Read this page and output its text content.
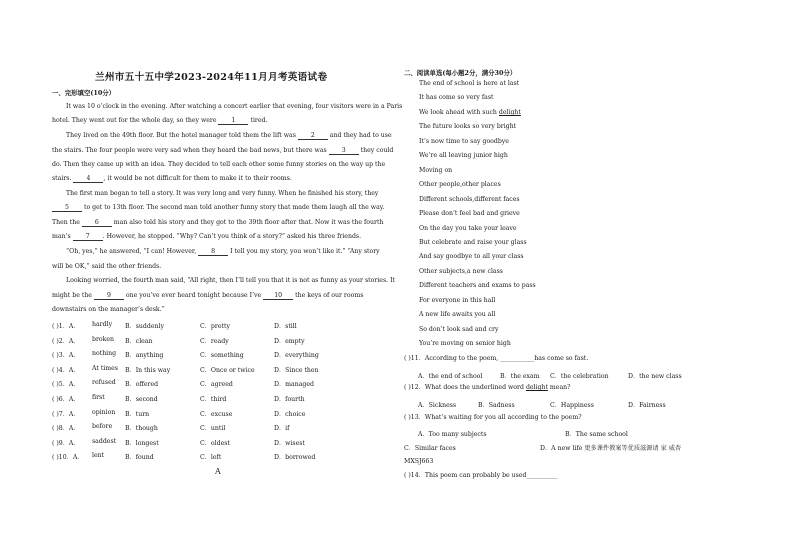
兰州市五十五中学2023-2024年11月月考英语试卷
一、完形填空(10分）
It was 10 o’clock in the evening. After watching a concert earlier that evening, four visitors were in a Paris
hotel. They went out for the whole day, so they were 1 tired.
They lived on the 49th floor. But the hotel manager told them the lift was 2 and they had to use
the stairs. The four people were very sad when they heard the bad news, but there was 3 they could
do. Then they came up with an idea. They decided to tell each other some funny stories on the way up the
stairs. 4 , it would be not difficult for them to make it to their rooms.
The first man began to tell a story. It was very long and very funny. When he finished his story, they
5 to get to 13th floor. The second man told another funny story that made them laugh all the way.
Then the 6 man also told his story and they got to the 39th floor after that. Now it was the fourth
man’s 7 . However, he stopped. “Why? Can’t you think of a story?” asked his three friends.
“Oh, yes,” he answered, “I can! However, 8 I tell you my story, you won’t like it.” “Any story
will be OK,” said the other friends.
Looking worried, the fourth man said, “All right, then I’ll tell you that it is not as funny as your stories. It
might be the 9 one you’ve ever heard tonight because I’ve 10 the keys of our rooms
downstairs on the manager’s desk.”
( )1．A． hardly B．suddenly	C．pretty	D．still
( )2．A． broken B．clean	C．ready	D．empty
( )3．A． nothing B．anything	C．something	D．everything
( )4．A． At times B．In this way	C．Once or twice	D．Since then
( )5．A． refused B．offered	C．agreed	D．managed
( )6．A． first	B．second	C．third	D．fourth
( )7．A． opinion B．turn	C．excuse	D．choice
( )8．A． before B．though	C．until	D．if
( )9．A． saddest B．longest	C．oldest	D．wisest
( )10．A． lent	B．found	C．left	D．borrowed
A
二、阅读单选(每小题2分，满分30分）
The end of school is here at last
It has come so very fast
We look ahead with such delight
The future looks so very bright
It’s now time to say goodbye
We’re all leaving junior high
Moving on
Other people,other places
Different schools,different faces
Please don’t feel bad and grieve
On the day you take your leave
But celebrate and raise your glass
And say goodbye to all your class
Other subjects,a new class
Different teachers and exams to pass
For everyone in this hall
A new life awaits you all
So don’t look sad and cry
You’re moving on senior high
( )11．According to the poem, ___________has come so fast.
A．the end of school	B．the exam C．the celebration	D．the new class
( )12．What does the underlined word delight mean?
A．Sickness	B．Sadness	C．Happiness	D．Fairness
( )13．What’s waiting for you all according to the poem?
A．Too many subjects	B．The same school
C．Similar faces	D．A new life 更多课件教案等优质滋源请 家 威杏
MXSJ663
( )14．This poem can probably be used__________
